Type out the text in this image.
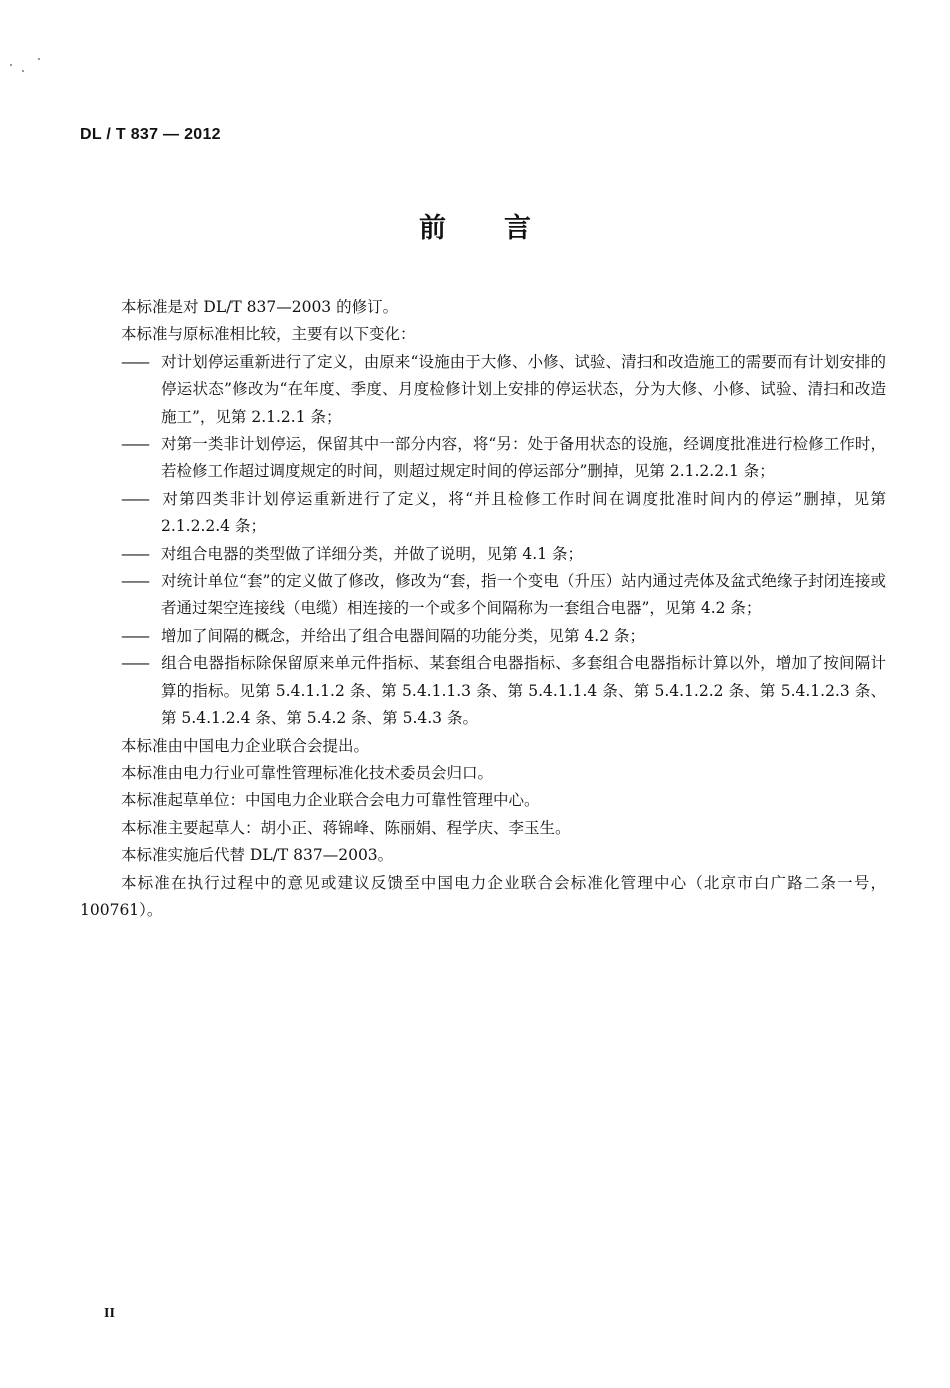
DL / T 837 — 2012
前 言

本标准是对 DL/T 837—2003 的修订。

本标准与原标准相比较，主要有以下变化：

—— 对计划停运重新进行了定义，由原来“设施由于大修、小修、试验、清扫和改造施工的需要而有计划安排的停运状态”修改为“在年度、季度、月度检修计划上安排的停运状态，分为大修、小修、试验、清扫和改造施工”，见第 2.1.2.1 条；

—— 对第一类非计划停运，保留其中一部分内容，将“另：处于备用状态的设施，经调度批准进行检修工作时，若检修工作超过调度规定的时间，则超过规定时间的停运部分”删掉，见第 2.1.2.2.1 条；

—— 对第四类非计划停运重新进行了定义，将“并且检修工作时间在调度批准时间内的停运”删掉，见第 2.1.2.2.4 条；

—— 对组合电器的类型做了详细分类，并做了说明，见第 4.1 条；

—— 对统计单位“套”的定义做了修改，修改为“套，指一个变电（升压）站内通过壳体及盆式绝缘子封闭连接或者通过架空连接线（电缆）相连接的一个或多个间隔称为一套组合电器”，见第 4.2 条；

—— 增加了间隔的概念，并给出了组合电器间隔的功能分类，见第 4.2 条；

—— 组合电器指标除保留原来单元件指标、某套组合电器指标、多套组合电器指标计算以外，增加了按间隔计算的指标。见第 5.4.1.1.2 条、第 5.4.1.1.3 条、第 5.4.1.1.4 条、第 5.4.1.2.2 条、第 5.4.1.2.3 条、第 5.4.1.2.4 条、第 5.4.2 条、第 5.4.3 条。

本标准由中国电力企业联合会提出。

本标准由电力行业可靠性管理标准化技术委员会归口。

本标准起草单位：中国电力企业联合会电力可靠性管理中心。

本标准主要起草人：胡小正、蒋锦峰、陈丽娟、程学庆、李玉生。

本标准实施后代替 DL/T 837—2003。

本标准在执行过程中的意见或建议反馈至中国电力企业联合会标准化管理中心（北京市白广路二条一号，100761）。

II
